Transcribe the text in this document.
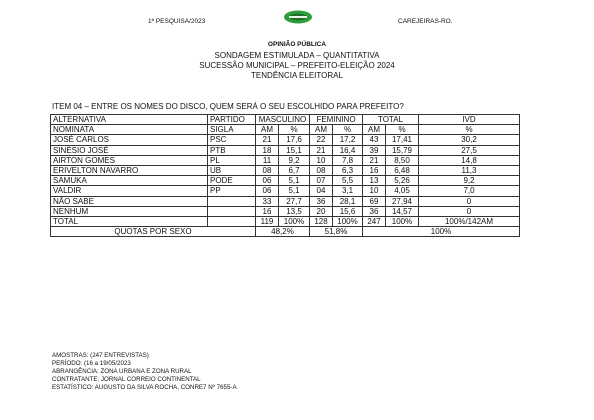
1ª PESQUISA/2023	CAREJEIRAS-RO.
OPINIÃO PÚBLICA
SONDAGEM ESTIMULADA – QUANTITATIVA
SUCESSÃO MUNICIPAL – PREFEITO-ELEIÇÃO 2024
TENDÊNCIA ELEITORAL
ITEM 04 – ENTRE OS NOMES DO DISCO, QUEM SERÁ O SEU ESCOLHIDO PARA PREFEITO?
ALTERNATIVA	PARTIDO	MASCULINO		FEMININO		TOTAL		IVD
NOMINATA	SIGLA	AM	%	AM	%	AM	%	%
JOSÉ CARLOS	PSC	21	17,6	22	17,2	43	17,41	30,2
SINÉSIO JOSÉ	PTB	18	15,1	21	16,4	39	15,79	27,5
AIRTON GOMES	PL	11	9,2	10	7,8	21	8,50	14,8
ERIVELTON NAVARRO	UB	08	6,7	08	6,3	16	6,48	11,3
SAMUKA	PODE	06	5,1	07	5,5	13	5,26	9,2
VALDIR	PP	06	5,1	04	3,1	10	4,05	7,0
NÃO SABE		33	27,7	36	28,1	69	27,94	0
NENHUM		16	13,5	20	15,6	36	14,57	0
TOTAL		119	100%	128	100%	247	100%	100%/142AM
QUOTAS POR SEXO		48,2%		51,8%		100%		
AMOSTRAS: (247 ENTREVISTAS)
PERÍODO: (16 a 19/05/2023
ABRANGÊNCIA: ZONA URBANA E ZONA RURAL
CONTRATANTE: JORNAL CORREIO CONTINENTAL
ESTATÍSTICO: AUGUSTO DA SILVA ROCHA, CONRE7 Nº 7655-A
